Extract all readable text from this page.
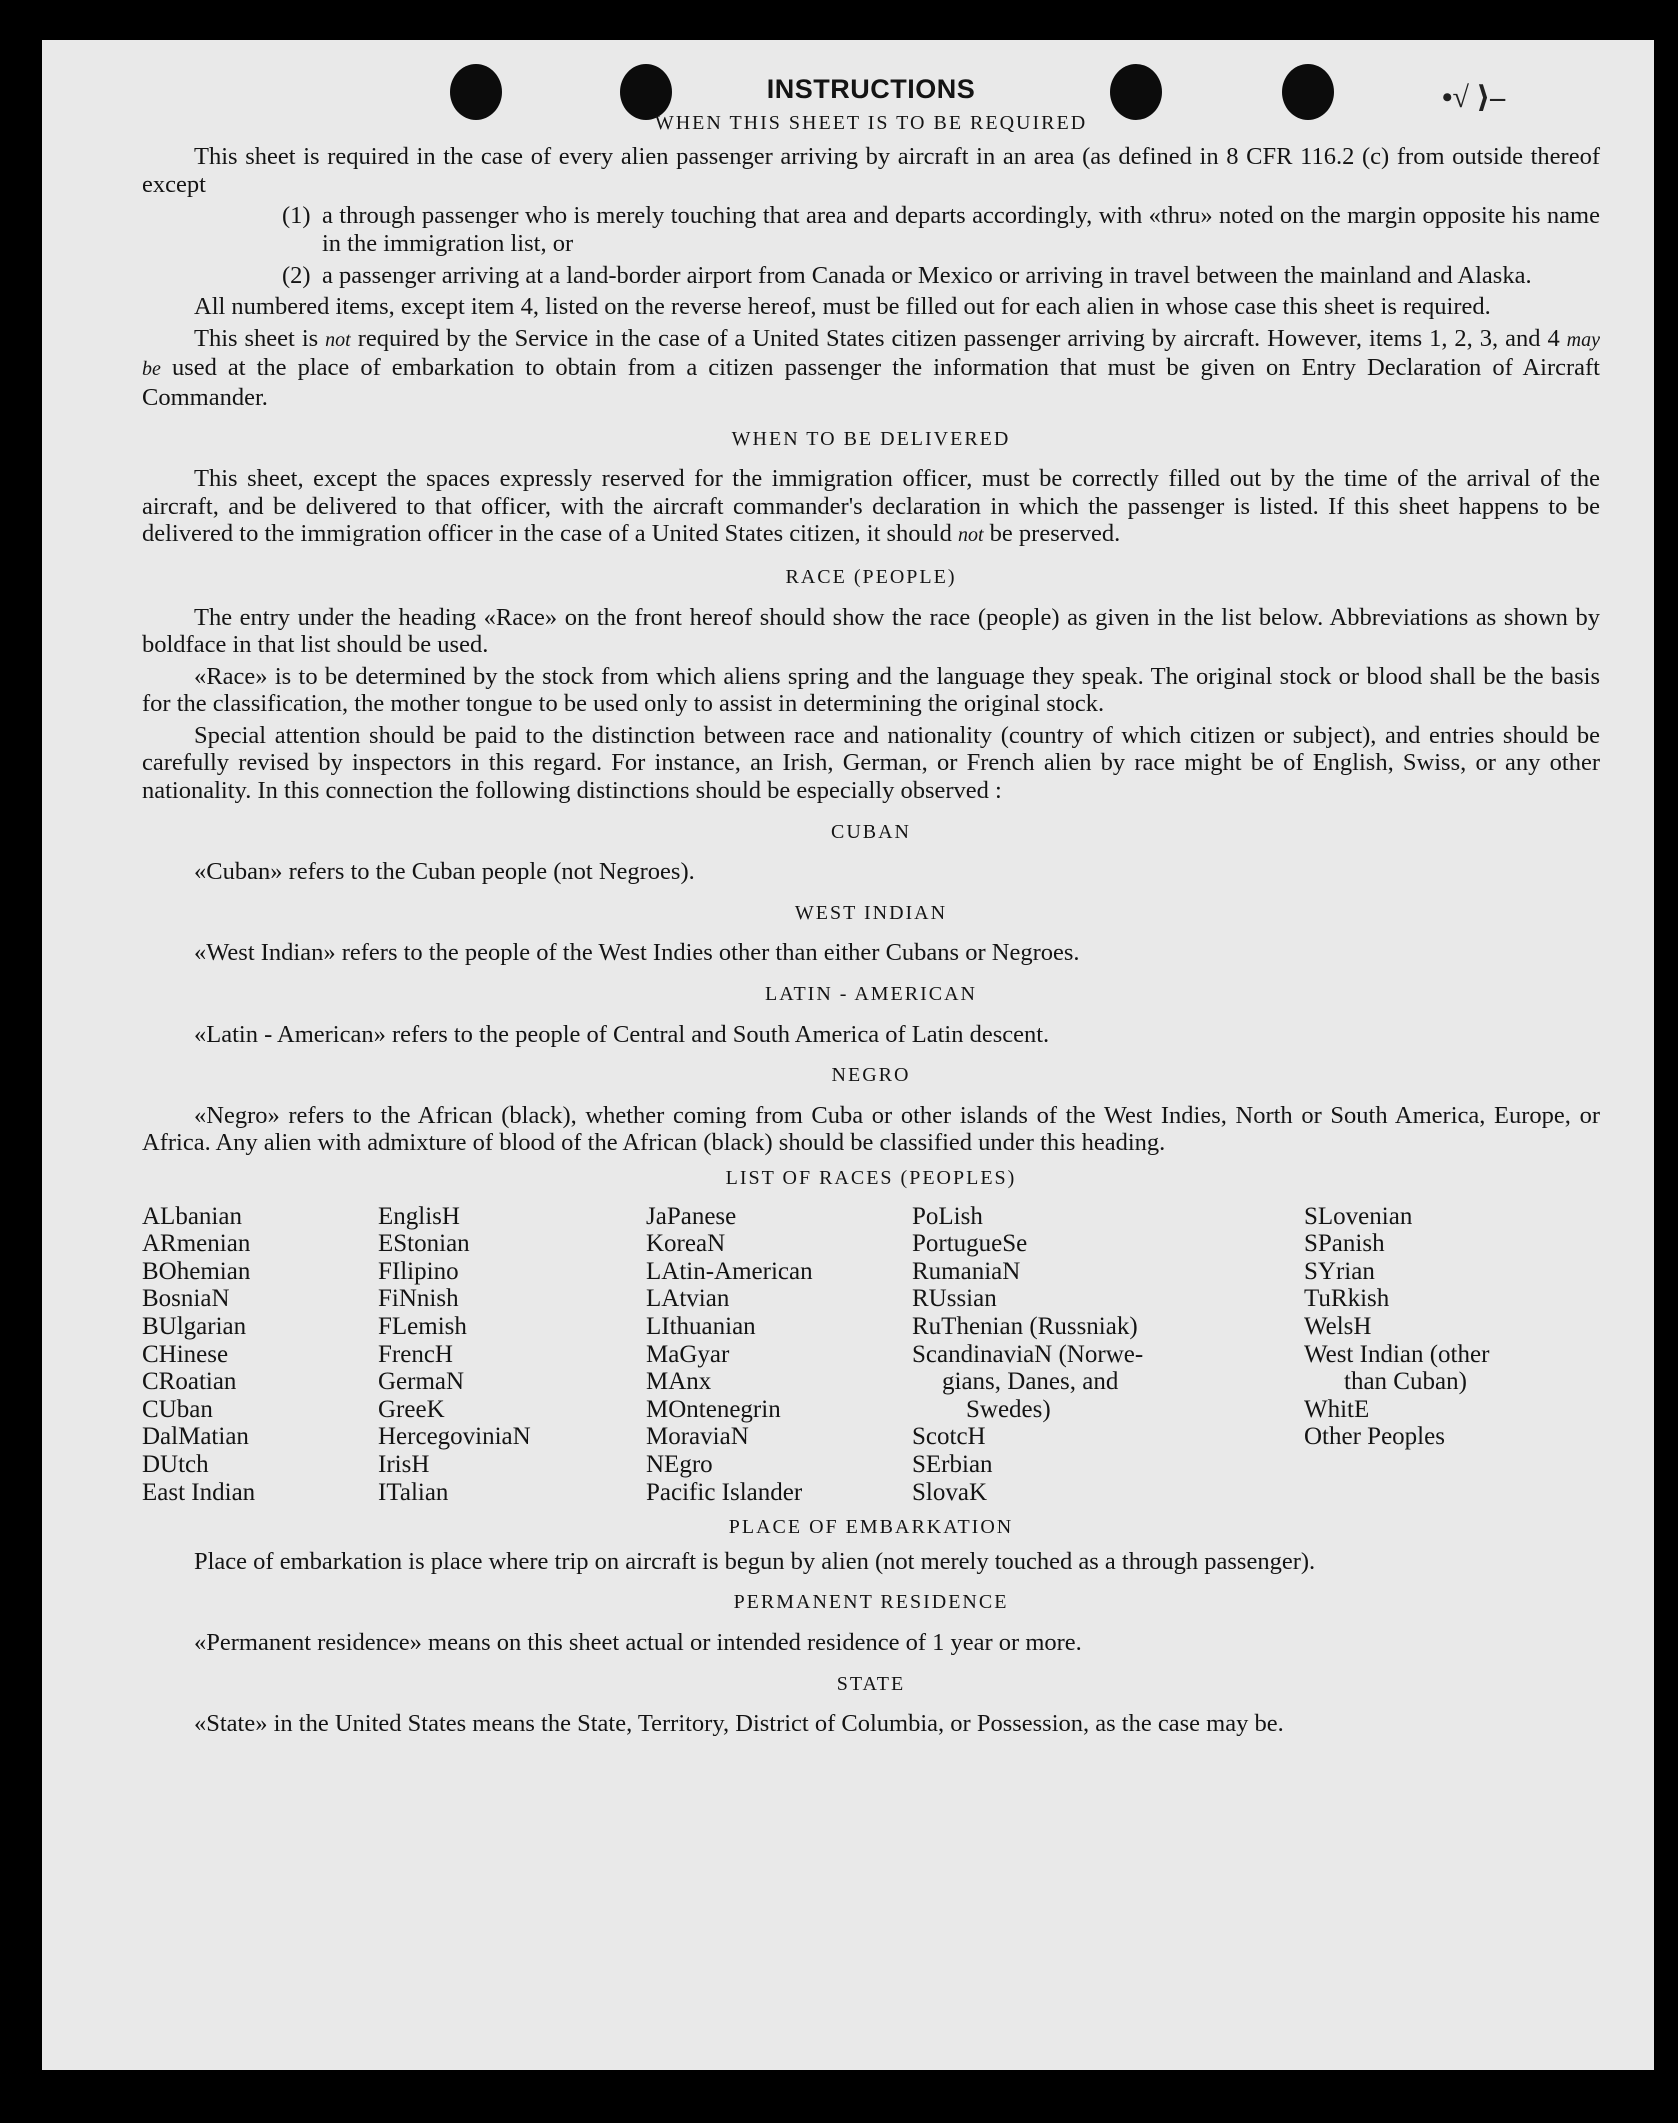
•√ ⟩–
INSTRUCTIONS
WHEN THIS SHEET IS TO BE REQUIRED

This sheet is required in the case of every alien passenger arriving by aircraft in an area (as defined in 8 CFR 116.2 (c) from outside thereof except

(1) a through passenger who is merely touching that area and departs accordingly, with «thru» noted on the margin opposite his name in the immigration list, or
(2) a passenger arriving at a land-border airport from Canada or Mexico or arriving in travel between the mainland and Alaska.

All numbered items, except item 4, listed on the reverse hereof, must be filled out for each alien in whose case this sheet is required.

This sheet is not required by the Service in the case of a United States citizen passenger arriving by aircraft. However, items 1, 2, 3, and 4 may be used at the place of embarkation to obtain from a citizen passenger the information that must be given on Entry Declaration of Aircraft Commander.

WHEN TO BE DELIVERED

This sheet, except the spaces expressly reserved for the immigration officer, must be correctly filled out by the time of the arrival of the aircraft, and be delivered to that officer, with the aircraft commander's declaration in which the passenger is listed. If this sheet happens to be delivered to the immigration officer in the case of a United States citizen, it should not be preserved.

RACE (PEOPLE)

The entry under the heading «Race» on the front hereof should show the race (people) as given in the list below. Abbreviations as shown by boldface in that list should be used.

«Race» is to be determined by the stock from which aliens spring and the language they speak. The original stock or blood shall be the basis for the classification, the mother tongue to be used only to assist in determining the original stock.

Special attention should be paid to the distinction between race and nationality (country of which citizen or subject), and entries should be carefully revised by inspectors in this regard. For instance, an Irish, German, or French alien by race might be of English, Swiss, or any other nationality. In this connection the following distinctions should be especially observed :

CUBAN

«Cuban» refers to the Cuban people (not Negroes).

WEST INDIAN

«West Indian» refers to the people of the West Indies other than either Cubans or Negroes.

LATIN - AMERICAN

«Latin - American» refers to the people of Central and South America of Latin descent.

NEGRO

«Negro» refers to the African (black), whether coming from Cuba or other islands of the West Indies, North or South America, Europe, or Africa. Any alien with admixture of blood of the African (black) should be classified under this heading.

LIST OF RACES (PEOPLES)
ALbanian
ARmenian
BOhemian
BosniaN
BUlgarian
CHinese
CRoatian
CUban
DalMatian
DUtch
East Indian
EnglisH
EStonian
FIlipino
FiNnish
FLemish
FrencH
GermaN
GreeK
HercegoviniaN
IrisH
ITalian
JaPanese
KoreaN
LAtin-American
LAtvian
LIthuanian
MaGyar
MAnx
MOntenegrin
MoraviaN
NEgro
Pacific Islander
PoLish
PortugueSe
RumaniaN
RUssian
RuThenian (Russniak)
ScandinaviaN (Norwe-
gians, Danes, and
Swedes)
ScotcH
SErbian
SlovaK
SLovenian
SPanish
SYrian
TuRkish
WelsH
West Indian (other
than Cuban)
WhitE
Other Peoples
PLACE OF EMBARKATION

Place of embarkation is place where trip on aircraft is begun by alien (not merely touched as a through passenger).

PERMANENT RESIDENCE

«Permanent residence» means on this sheet actual or intended residence of 1 year or more.

STATE

«State» in the United States means the State, Territory, District of Columbia, or Possession, as the case may be.
